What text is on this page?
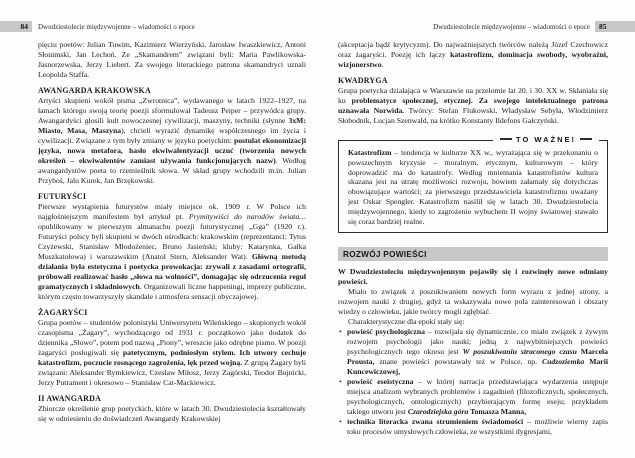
84 Dwudziestolecie międzywojenne – wiadomości o epoce

pięciu poetów: Julian Tuwim, Kazimierz Wierzyński, Jarosław Iwaszkiewicz, Antoni Słonimski, Jan Lechoń. Ze „Skamandrem” związani byli: Maria Pawlikowska-Jasnorzewska, Jerzy Liebert. Za swojego literackiego patrona skamandryci uznali Leopolda Staffa.

AWANGARDA KRAKOWSKA

Artyści skupieni wokół pisma „Zwrotnica”, wydawanego w latach 1922–1927, na łamach którego swoją teorię poezji sformułował Tadeusz Peiper – przywódca grupy. Awangardyści głosili kult nowoczesnej cywilizacji, maszyny, techniki (słynne 3xM: Miasto, Masa, Maszyna), chcieli wyrazić dynamikę współczesnego im życia i cywilizacji. Związane z tym były zmiany w języku poetyckim: postulat ekonomizacji języka, nowa metafora, hasło ekwiwalentyzacji uczuć (tworzenia nowych określeń – ekwiwalentów zamiast używania funkcjonujących nazw). Według awangardystów poeta to rzemieślnik słowa. W skład grupy wchodzili m.in. Julian Przyboś, Jalu Kurek, Jan Brzękowski.

FUTURYŚCI

Pierwsze wystąpienia futurystów miały miejsce ok. 1909 r. W Polsce ich najgłośniejszym manifestem był artykuł pt. Prymitywiści do narodów świata… opublikowany w pierwszym almanachu poezji futurystycznej „Gga” (1920 r.). Futuryści polscy byli skupieni w dwóch ośrodkach: krakowskim (reprezentanci: Tytus Czyżewski, Stanisław Młodożeniec, Bruno Jasieński; kluby: Katarynka, Gałka Muszkatołowa) i warszawskim (Anatol Stern, Aleksander Wat). Główną metodą działania była estetyczna i poetycka prowokacja: zrywali z zasadami ortografii, próbowali realizować hasło „słowa na wolności”, domagając się odrzucenia reguł gramatycznych i składniowych. Organizowali liczne happeningi, imprezy publiczne, którym często towarzyszyły skandale i atmosfera sensacji obyczajowej.

ŻAGARYŚCI

Grupa poetów – studentów polonistyki Uniwersytetu Wileńskiego – skupionych wokół czasopisma „Żagary”, wychodzącego od 1931 r. początkowo jako dodatek do dziennika „Słowo”, potem pod nazwą „Piony”, wreszcie jako odrębne pismo. W poezji żagaryści posługiwali się patetycznym, podniosłym stylem. Ich utwory cechuje katastrofizm, poczucie rosnącego zagrożenia, lęk przed wojną. Z grupą Żagary byli związani: Aleksander Rymkiewicz, Czesław Miłosz, Jerzy Zagórski, Teodor Bujnicki, Jerzy Putrament i okresowo – Stanisław Cat-Mackiewicz.

II AWANGARDA

Zbiorcze określenie grup poetyckich, które w latach 30. Dwudziestolecia kształtowały się w odniesieniu do doświadczeń Awangardy Krakowskiej

Dwudziestolecie międzywojenne – wiadomości o epoce 85

(akceptacja bądź krytycyzm). Do najważniejszych twórców należą Józef Czechowicz oraz żagaryści. Poezję ich łączy katastrofizm, dominacja swobody, wyobraźni, wizjonerstwo.

KWADRYGA

Grupa poetycka działająca w Warszawie na przełomie lat 20. i 30. XX w. Skłaniała się ku problematyce społecznej, etycznej. Za swojego intelektualnego patrona uznawała Norwida. Twórcy: Stefan Flukowski, Władysław Sebyła, Włodzimierz Słobodnik, Lucjan Szenwald, na krótko Konstanty Ildefons Gałczyński.

TO WAŻNE!

Katastrofizm – tendencja w kulturze XX w., wyrażająca się w przekonaniu o powszechnym kryzysie – moralnym, etycznym, kulturowym – który doprowadzić ma do katastrofy. Według mniemania katastrofistów kultura skazana jest na utratę możliwości rozwoju, bowiem załamały się dotychczas obowiązujące wartości; za pierwszego przedstawiciela katastrofizmu uważany jest Oskar Spengler. Katastrofizm nasilił się w latach 30. Dwudziestolecia międzywojennego, kiedy to zagrożenie wybuchem II wojny światowej stawało się coraz bardziej realne.

ROZWÓJ POWIEŚCI

W Dwudziestoleciu międzywojennym pojawiły się i rozwinęły nowe odmiany powieści.

Miało to związek z poszukiwaniem nowych form wyrazu z jednej strony, a rozwojem nauki z drugiej, gdyż ta wskazywała nowe pola zainteresowań i obszary wiedzy o człowieku, jakie twórcy mogli zgłębiać.

Charakterystyczne dla epoki stały się:

• powieść psychologiczna – rozwijała się dynamicznie, co miało związek z żywym rozwojem psychologii jako nauki; jedną z najwybitniejszych powieści psychologicznych tego okresu jest W poszukiwaniu straconego czasu Marcela Prousta, znane powieści powstawały też w Polsce, np. Cudzoziemka Marii Kuncewiczowej,
• powieść eseistyczna – w której narracja przedstawiająca wydarzenia ustępuje miejsca analizom wybranych problemów i zagadnień (filozoficznych, społecznych, psychologicznych, ontologicznych) przybierającym formę eseju; przykładem takiego utworu jest Czarodziejska góra Tomasza Manna,
• technika literacka zwana strumieniem świadomości – możliwie wierny zapis toku procesów umysłowych człowieka, ze wszystkimi dygresjami,
